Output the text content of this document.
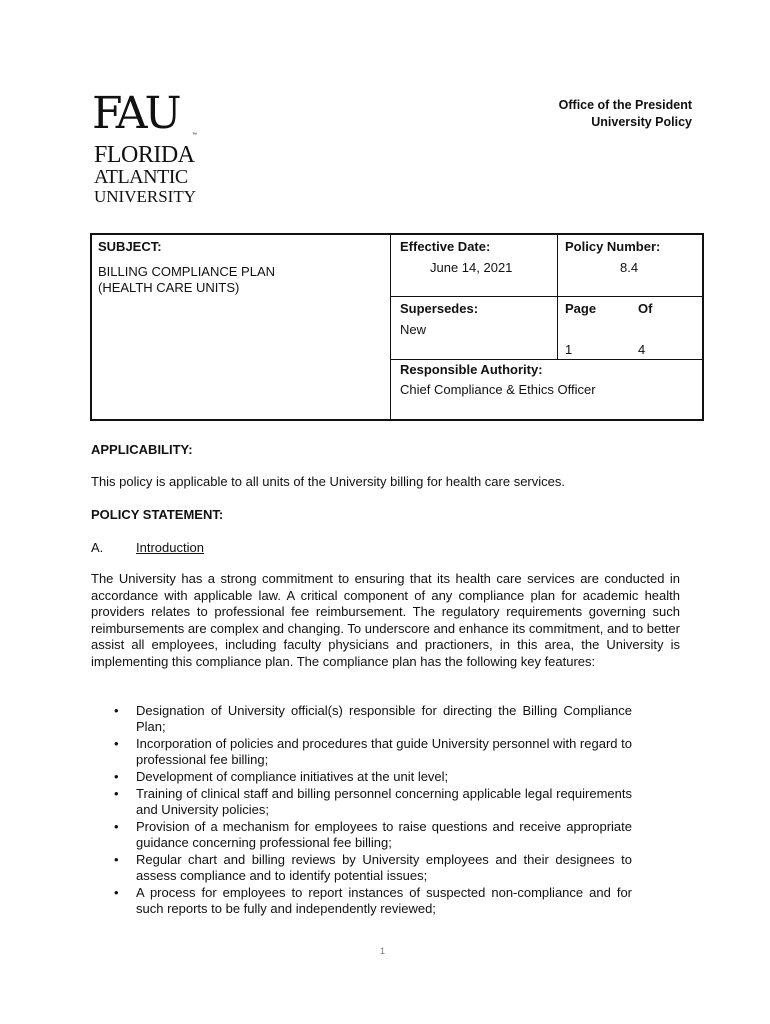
FAU	™
FLORIDA
ATLANTIC
UNIVERSITY
Office of the President
University Policy
SUBJECT:
BILLING COMPLIANCE PLAN
(HEALTH CARE UNITS)
Effective Date:
June 14, 2021
Policy Number:
8.4
Supersedes:
New
Page	Of
1	4
Responsible Authority:
Chief Compliance & Ethics Officer
APPLICABILITY:
This policy is applicable to all units of the University billing for health care services.
POLICY STATEMENT:
A.	Introduction
The University has a strong commitment to ensuring that its health care services are conducted in accordance with applicable law. A critical component of any compliance plan for academic health providers relates to professional fee reimbursement. The regulatory requirements governing such reimbursements are complex and changing. To underscore and enhance its commitment, and to better assist all employees, including faculty physicians and practioners, in this area, the University is implementing this compliance plan. The compliance plan has the following key features:
• Designation of University official(s) responsible for directing the Billing Compliance Plan;
• Incorporation of policies and procedures that guide University personnel with regard to professional fee billing;
• Development of compliance initiatives at the unit level;
• Training of clinical staff and billing personnel concerning applicable legal requirements and University policies;
• Provision of a mechanism for employees to raise questions and receive appropriate guidance concerning professional fee billing;
• Regular chart and billing reviews by University employees and their designees to assess compliance and to identify potential issues;
• A process for employees to report instances of suspected non-compliance and for such reports to be fully and independently reviewed;
1
